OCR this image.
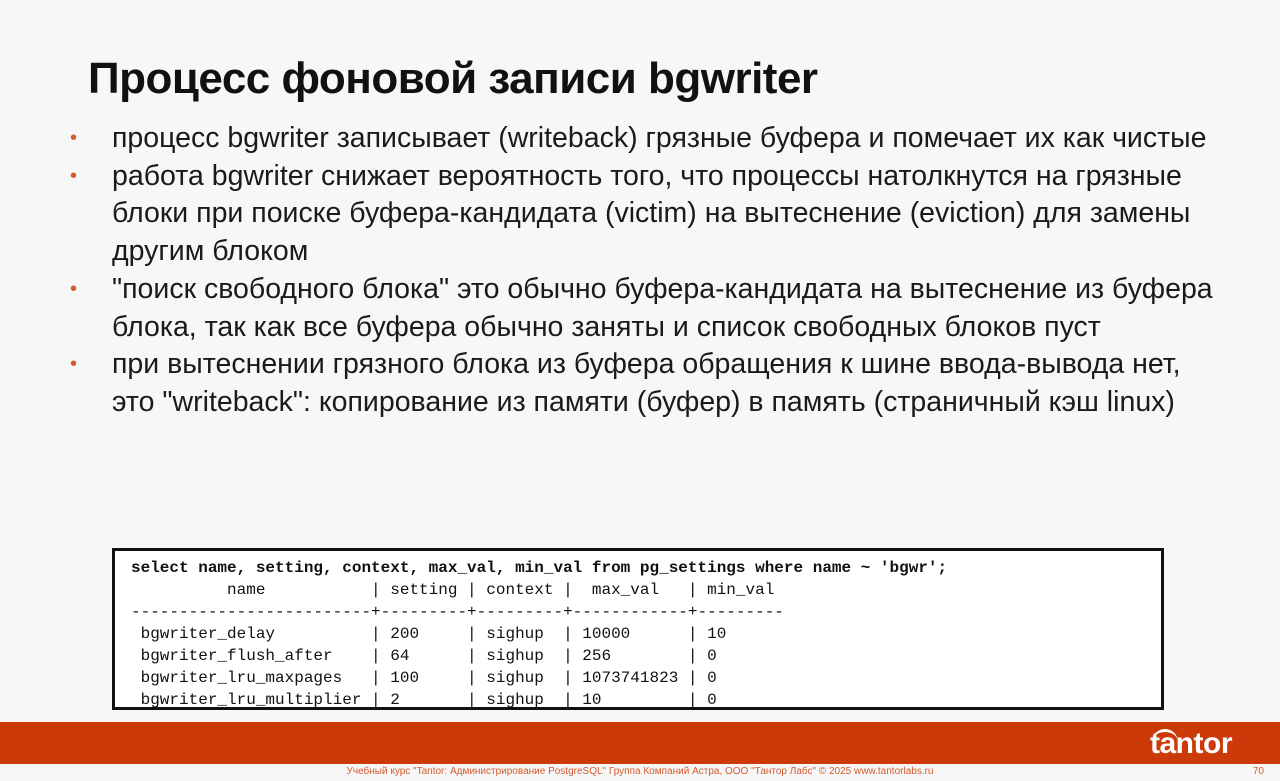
Процесс фоновой записи bgwriter
• процесс bgwriter записывает (writeback) грязные буфера и помечает их как чистые
• работа bgwriter снижает вероятность того, что процессы натолкнутся на грязные блоки при поиске буфера-кандидата (victim) на вытеснение (eviction) для замены другим блоком
• "поиск свободного блока" это обычно буфера-кандидата на вытеснение из буфера блока, так как все буфера обычно заняты и список свободных блоков пуст
• при вытеснении грязного блока из буфера обращения к шине ввода-вывода нет, это "writeback": копирование из памяти (буфер) в память (страничный кэш linux)
select name, setting, context, max_val, min_val from pg_settings where name ~ 'bgwr';
name           | setting | context |  max_val   | min_val
-------------------------+---------+---------+------------+---------
bgwriter_delay          | 200     | sighup  | 10000      | 10
bgwriter_flush_after    | 64      | sighup  | 256        | 0
bgwriter_lru_maxpages   | 100     | sighup  | 1073741823 | 0
bgwriter_lru_multiplier | 2       | sighup  | 10         | 0
tantor
Учебный курс "Tantor: Администрирование PostgreSQL" Группа Компаний Астра, ООО "Тантор Лабс" © 2025 www.tantorlabs.ru	70
